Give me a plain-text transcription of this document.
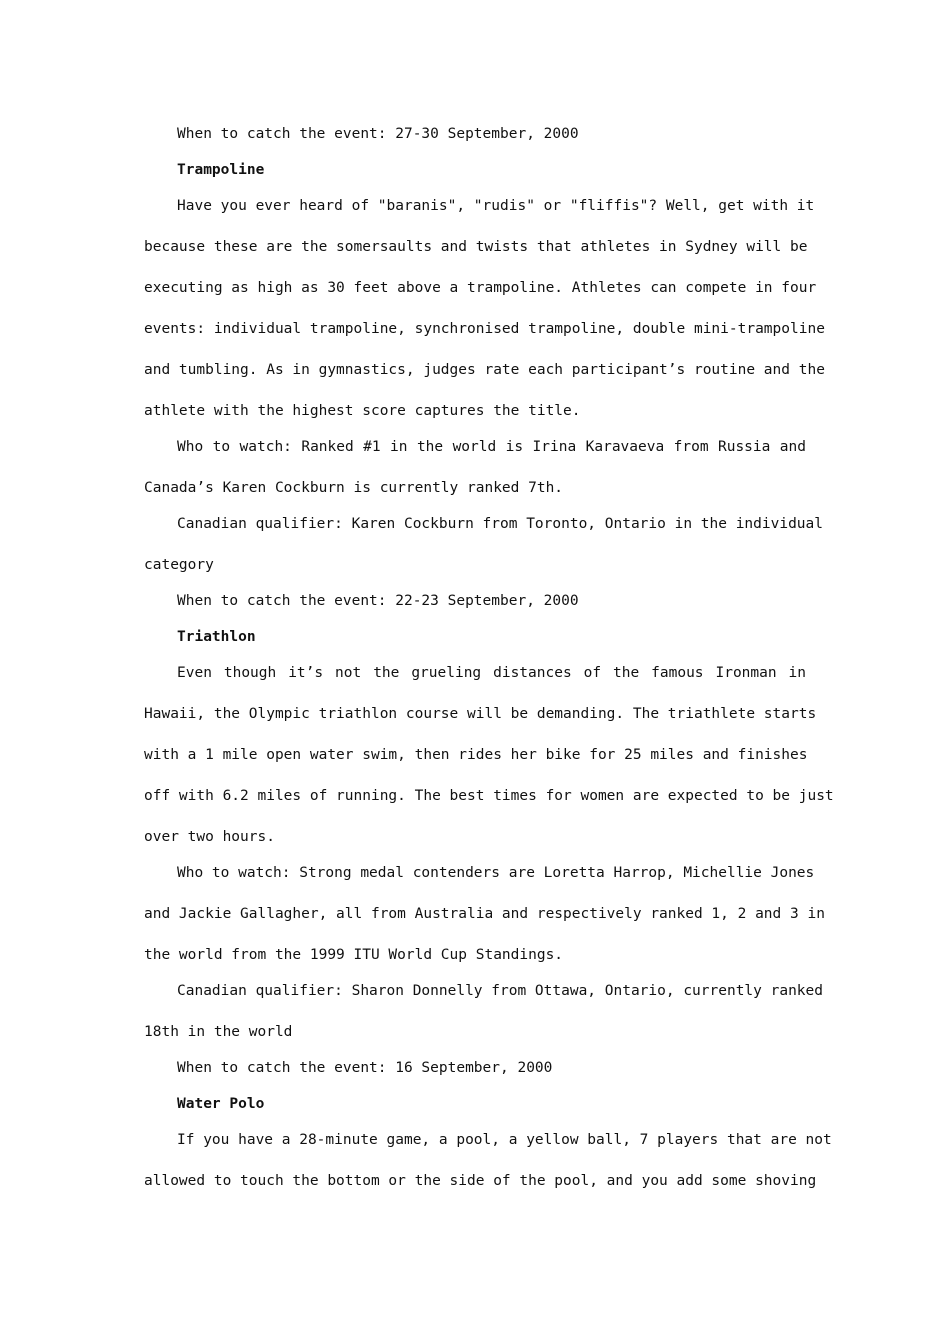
When to catch the event: 27-30 September, 2000

Trampoline

Have you ever heard of "baranis", "rudis" or "fliffis"? Well, get with it
because these are the somersaults and twists that athletes in Sydney will be
executing as high as 30 feet above a trampoline. Athletes can compete in four
events: individual trampoline, synchronised trampoline, double mini-trampoline
and tumbling. As in gymnastics, judges rate each participant’s routine and the
athlete with the highest score captures the title.
Who to watch: Ranked #1 in the world is Irina Karavaeva from Russia and
Canada’s Karen Cockburn is currently ranked 7th.
Canadian qualifier: Karen Cockburn from Toronto, Ontario in the individual
category

When to catch the event: 22-23 September, 2000

Triathlon

Even though it’s not the grueling distances of the famous Ironman in
Hawaii, the Olympic triathlon course will be demanding. The triathlete starts
with a 1 mile open water swim, then rides her bike for 25 miles and finishes
off with 6.2 miles of running. The best times for women are expected to be just
over two hours.
Who to watch: Strong medal contenders are Loretta Harrop, Michellie Jones
and Jackie Gallagher, all from Australia and respectively ranked 1, 2 and 3 in
the world from the 1999 ITU World Cup Standings.
Canadian qualifier: Sharon Donnelly from Ottawa, Ontario, currently ranked
18th in the world

When to catch the event: 16 September, 2000

Water Polo

If you have a 28-minute game, a pool, a yellow ball, 7 players that are not
allowed to touch the bottom or the side of the pool, and you add some shoving
